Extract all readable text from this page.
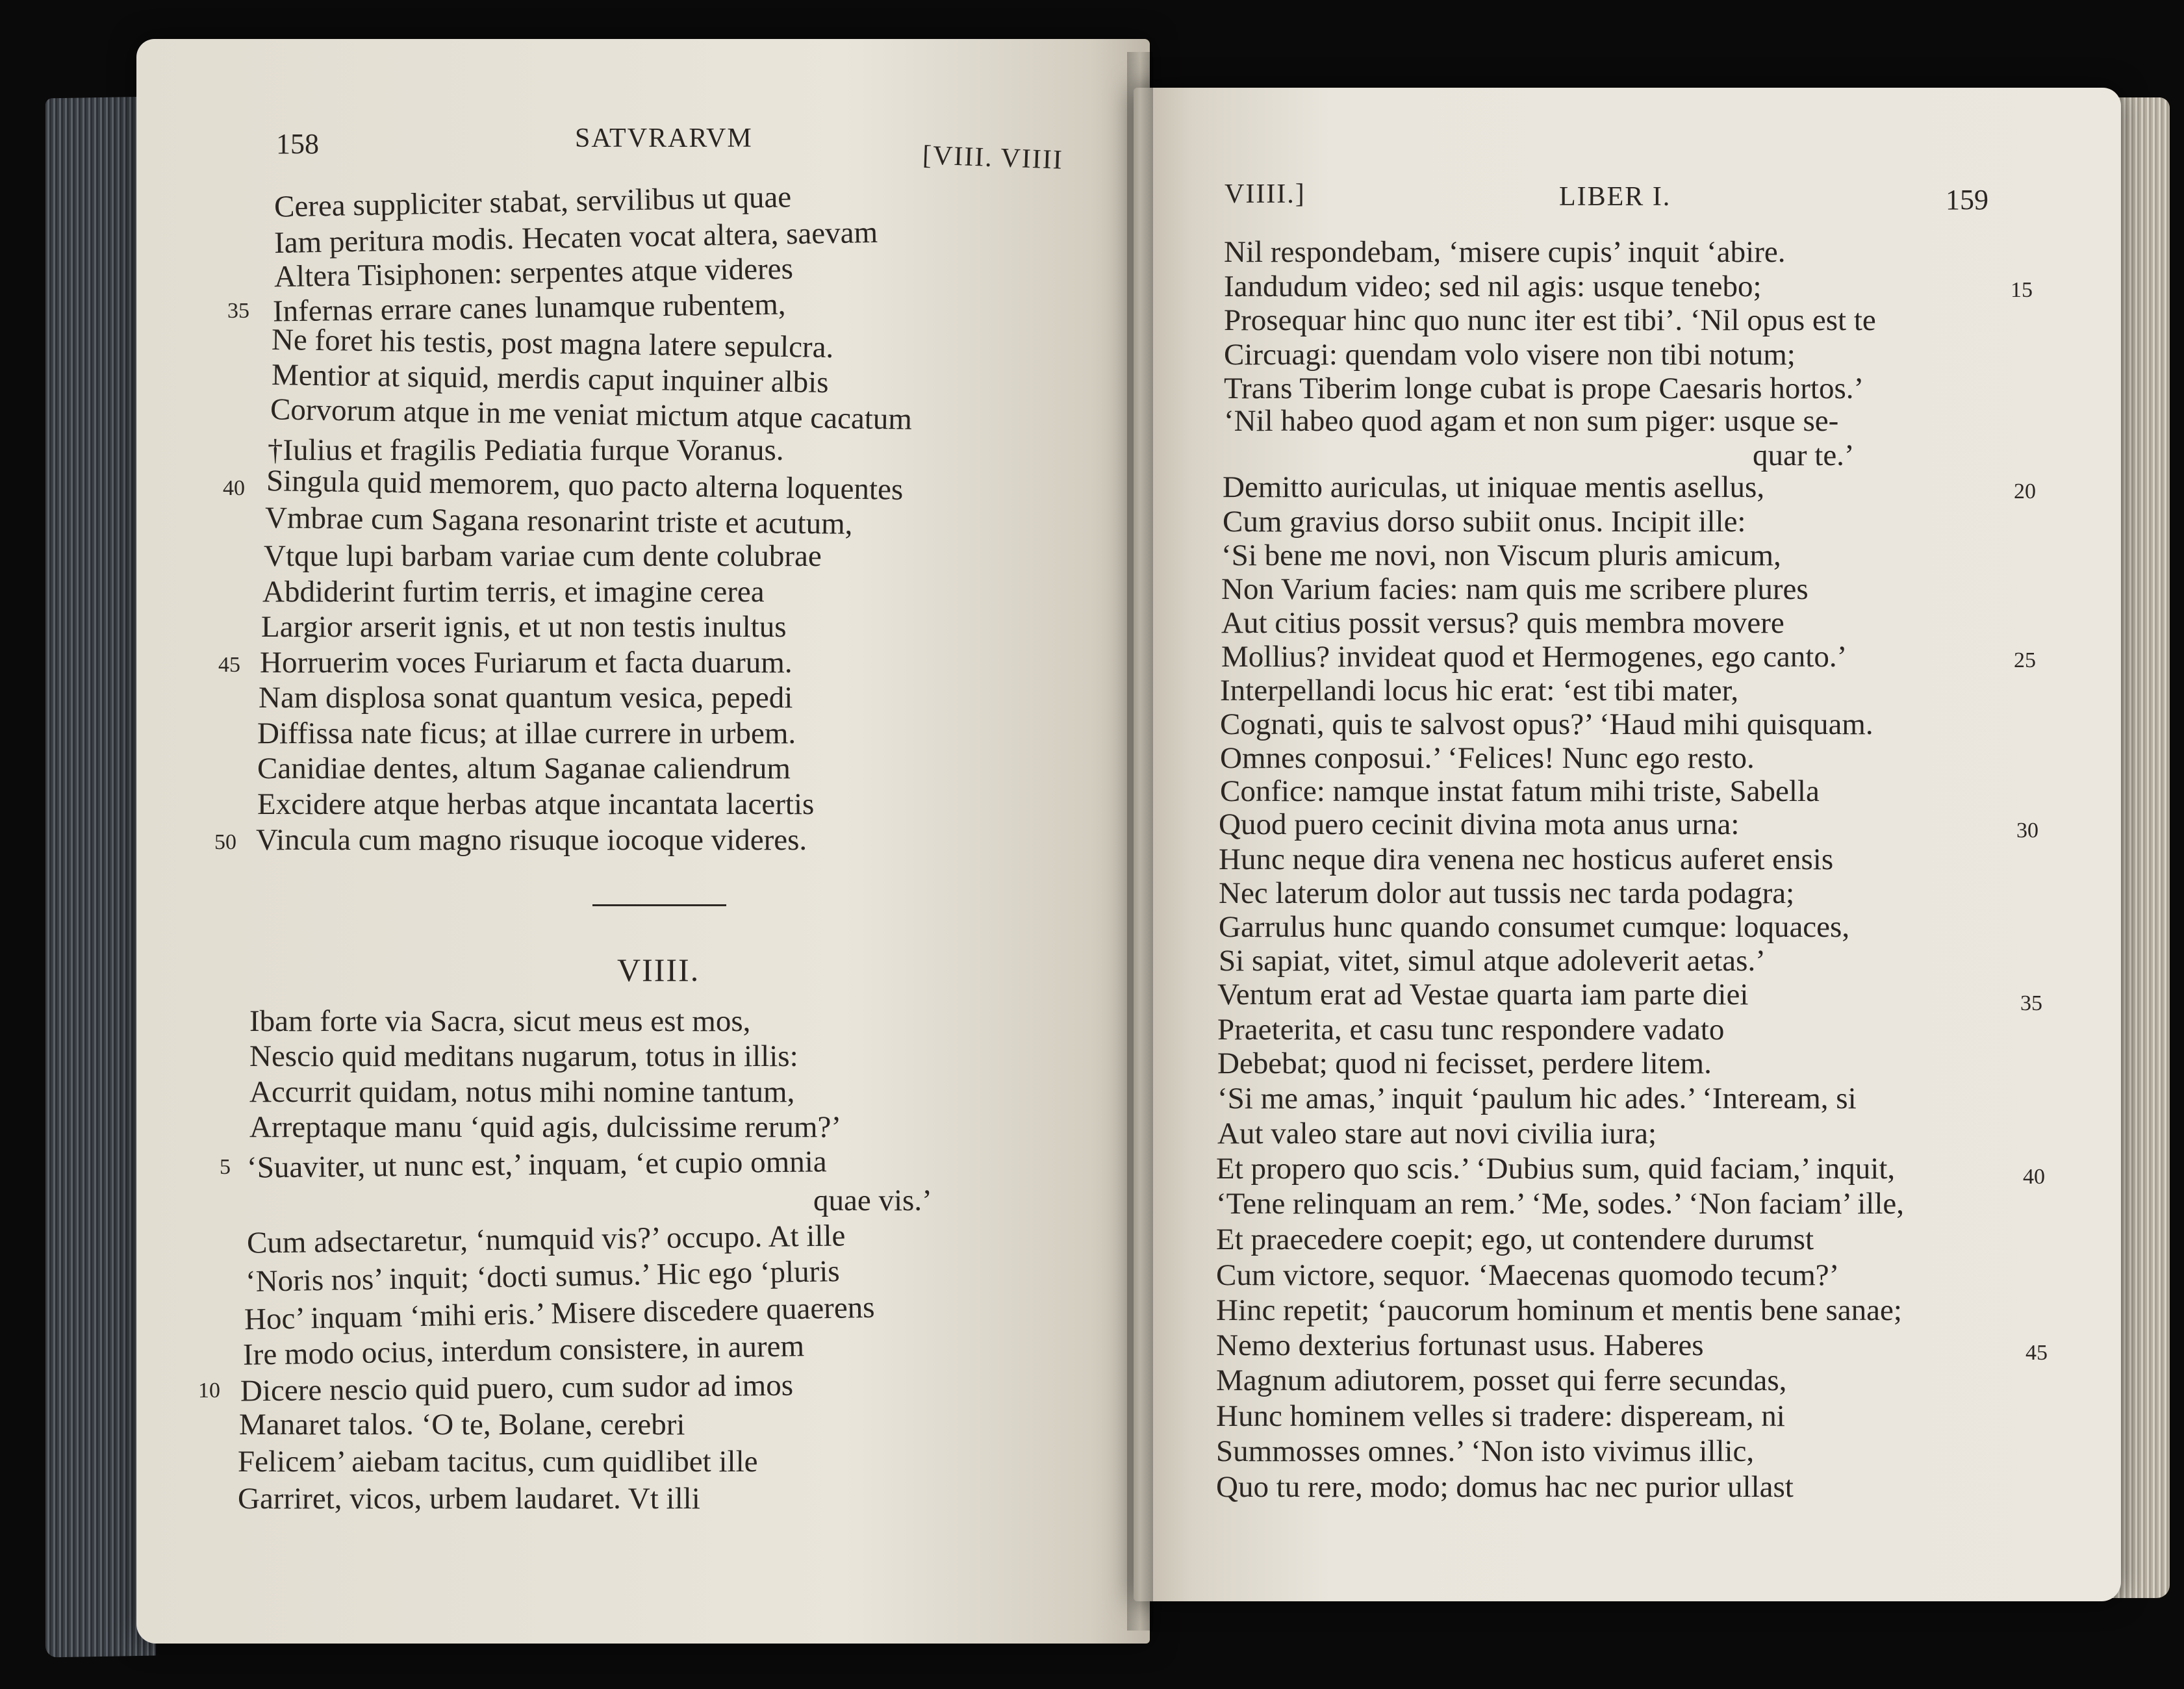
158	SATVRARVM
[VIII. VIIII
Cerea suppliciter stabat, servilibus ut quae
Iam peritura modis. Hecaten vocat altera, saevam
Altera Tisiphonen: serpentes atque videres
Infernas errare canes lunamque rubentem,
Ne foret his testis, post magna latere sepulcra.
Mentior at siquid, merdis caput inquiner albis
Corvorum atque in me veniat mictum atque cacatum
†Iulius et fragilis Pediatia furque Voranus.
Singula quid memorem, quo pacto alterna loquentes
Vmbrae cum Sagana resonarint triste et acutum,
Vtque lupi barbam variae cum dente colubrae
Abdiderint furtim terris, et imagine cerea
Largior arserit ignis, et ut non testis inultus
Horruerim voces Furiarum et facta duarum.
Nam displosa sonat quantum vesica, pepedi
Diffissa nate ficus; at illae currere in urbem.
Canidiae dentes, altum Saganae caliendrum
Excidere atque herbas atque incantata lacertis
Vincula cum magno risuque iocoque videres.
35
40
45
50
VIIII.
Ibam forte via Sacra, sicut meus est mos,
Nescio quid meditans nugarum, totus in illis:
Accurrit quidam, notus mihi nomine tantum,
Arreptaque manu ‘quid agis, dulcissime rerum?’
‘Suaviter, ut nunc est,’ inquam, ‘et cupio omnia
quae vis.’
Cum adsectaretur, ‘numquid vis?’ occupo. At ille
‘Noris nos’ inquit; ‘docti sumus.’ Hic ego ‘pluris
Hoc’ inquam ‘mihi eris.’ Misere discedere quaerens
Ire modo ocius, interdum consistere, in aurem
Dicere nescio quid puero, cum sudor ad imos
Manaret talos. ‘O te, Bolane, cerebri
Felicem’ aiebam tacitus, cum quidlibet ille
Garriret, vicos, urbem laudaret. Vt illi
5
10
VIIII.]	LIBER I.	159
Nil respondebam, ‘misere cupis’ inquit ‘abire.
Iandudum video; sed nil agis: usque tenebo;
Prosequar hinc quo nunc iter est tibi’. ‘Nil opus est te
Circuagi: quendam volo visere non tibi notum;
Trans Tiberim longe cubat is prope Caesaris hortos.’
‘Nil habeo quod agam et non sum piger: usque se-
quar te.’
Demitto auriculas, ut iniquae mentis asellus,
Cum gravius dorso subiit onus. Incipit ille:
‘Si bene me novi, non Viscum pluris amicum,
Non Varium facies: nam quis me scribere plures
Aut citius possit versus? quis membra movere
Mollius? invideat quod et Hermogenes, ego canto.’
Interpellandi locus hic erat: ‘est tibi mater,
Cognati, quis te salvost opus?’ ‘Haud mihi quisquam.
Omnes conposui.’ ‘Felices! Nunc ego resto.
Confice: namque instat fatum mihi triste, Sabella
Quod puero cecinit divina mota anus urna:
Hunc neque dira venena nec hosticus auferet ensis
Nec laterum dolor aut tussis nec tarda podagra;
Garrulus hunc quando consumet cumque: loquaces,
Si sapiat, vitet, simul atque adoleverit aetas.’
Ventum erat ad Vestae quarta iam parte diei
Praeterita, et casu tunc respondere vadato
Debebat; quod ni fecisset, perdere litem.
‘Si me amas,’ inquit ‘paulum hic ades.’ ‘Inteream, si
Aut valeo stare aut novi civilia iura;
Et propero quo scis.’ ‘Dubius sum, quid faciam,’ inquit,
‘Tene relinquam an rem.’ ‘Me, sodes.’ ‘Non faciam’ ille,
Et praecedere coepit; ego, ut contendere durumst
Cum victore, sequor. ‘Maecenas quomodo tecum?’
Hinc repetit; ‘paucorum hominum et mentis bene sanae;
Nemo dexterius fortunast usus. Haberes
Magnum adiutorem, posset qui ferre secundas,
Hunc hominem velles si tradere: dispeream, ni
Summosses omnes.’ ‘Non isto vivimus illic,
Quo tu rere, modo; domus hac nec purior ullast
15
20
25
30
35
40
45
